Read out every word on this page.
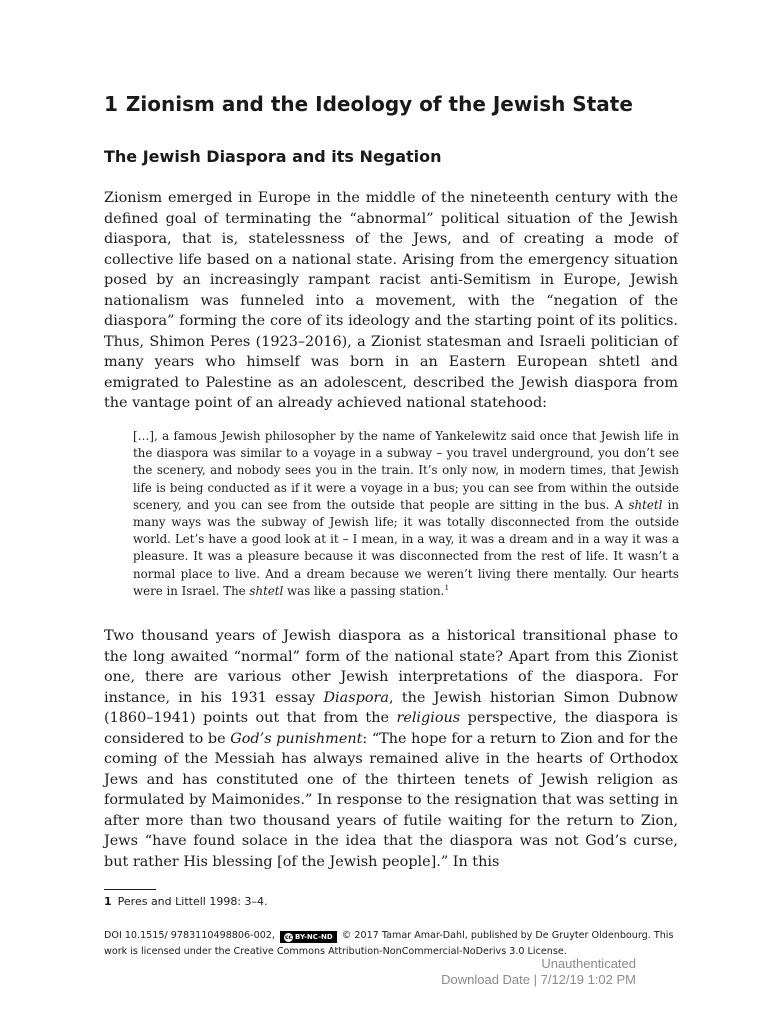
1 Zionism and the Ideology of the Jewish State
The Jewish Diaspora and its Negation

Zionism emerged in Europe in the middle of the nineteenth century with the defined goal of terminating the “abnormal” political situation of the Jewish diaspora, that is, statelessness of the Jews, and of creating a mode of collective life based on a national state. Arising from the emergency situation posed by an increasingly rampant racist anti-Semitism in Europe, Jewish nationalism was funneled into a movement, with the “negation of the diaspora” forming the core of its ideology and the starting point of its politics. Thus, Shimon Peres (1923–2016), a Zionist statesman and Israeli politician of many years who himself was born in an Eastern European shtetl and emigrated to Palestine as an adolescent, described the Jewish diaspora from the vantage point of an already achieved national statehood:

[…], a famous Jewish philosopher by the name of Yankelewitz said once that Jewish life in the diaspora was similar to a voyage in a subway – you travel underground, you don’t see the scenery, and nobody sees you in the train. It’s only now, in modern times, that Jewish life is being conducted as if it were a voyage in a bus; you can see from within the outside scenery, and you can see from the outside that people are sitting in the bus. A shtetl in many ways was the subway of Jewish life; it was totally disconnected from the outside world. Let’s have a good look at it – I mean, in a way, it was a dream and in a way it was a pleasure. It was a pleasure because it was disconnected from the rest of life. It wasn’t a normal place to live. And a dream because we weren’t living there mentally. Our hearts were in Israel. The shtetl was like a passing station.$^1$

Two thousand years of Jewish diaspora as a historical transitional phase to the long awaited “normal” form of the national state? Apart from this Zionist one, there are various other Jewish interpretations of the diaspora. For instance, in his 1931 essay Diaspora, the Jewish historian Simon Dubnow (1860–1941) points out that from the religious perspective, the diaspora is considered to be God’s punishment: “The hope for a return to Zion and for the coming of the Messiah has always remained alive in the hearts of Orthodox Jews and has constituted one of the thirteen tenets of Jewish religion as formulated by Maimonides.” In response to the resignation that was setting in after more than two thousand years of futile waiting for the return to Zion, Jews “have found solace in the idea that the diaspora was not God’s curse, but rather His blessing [of the Jewish people].” In this

1 Peres and Littell 1998: 3–4.

DOI 10.1515/ 9783110498806-002, cc BY-NC-ND © 2017 Tamar Amar-Dahl, published by De Gruyter Oldenbourg. This work is licensed under the Creative Commons Attribution-NonCommercial-NoDerivs 3.0 License.

Unauthenticated

Download Date | 7/12/19 1:02 PM
